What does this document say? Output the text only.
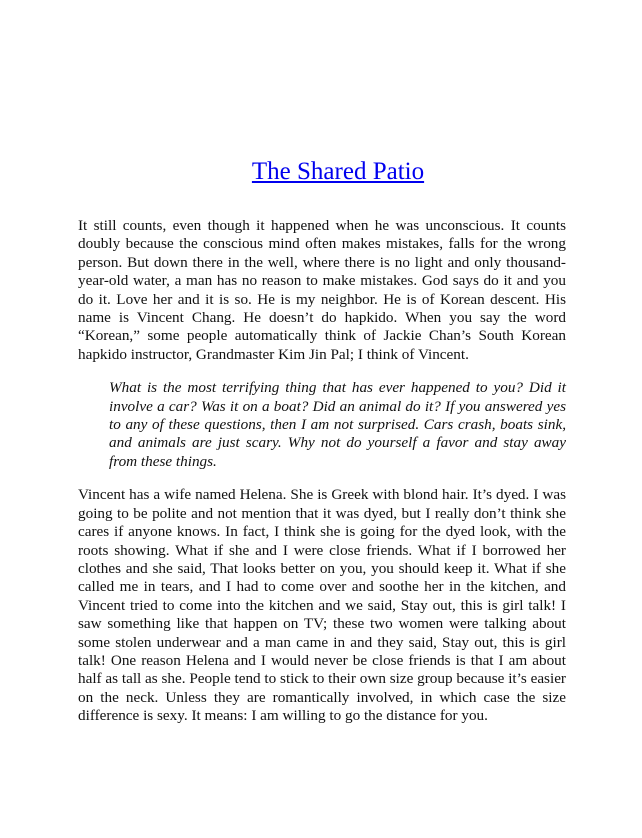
The Shared Patio

It still counts, even though it happened when he was unconscious. It counts doubly because the conscious mind often makes mistakes, falls for the wrong person. But down there in the well, where there is no light and only thousand-year-old water, a man has no reason to make mistakes. God says do it and you do it. Love her and it is so. He is my neighbor. He is of Korean descent. His name is Vincent Chang. He doesn’t do hapkido. When you say the word “Korean,” some people automatically think of Jackie Chan’s South Korean hapkido instructor, Grandmaster Kim Jin Pal; I think of Vincent.

What is the most terrifying thing that has ever happened to you? Did it involve a car? Was it on a boat? Did an animal do it? If you answered yes to any of these questions, then I am not surprised. Cars crash, boats sink, and animals are just scary. Why not do yourself a favor and stay away from these things.

Vincent has a wife named Helena. She is Greek with blond hair. It’s dyed. I was going to be polite and not mention that it was dyed, but I really don’t think she cares if anyone knows. In fact, I think she is going for the dyed look, with the roots showing. What if she and I were close friends. What if I borrowed her clothes and she said, That looks better on you, you should keep it. What if she called me in tears, and I had to come over and soothe her in the kitchen, and Vincent tried to come into the kitchen and we said, Stay out, this is girl talk! I saw something like that happen on TV; these two women were talking about some stolen underwear and a man came in and they said, Stay out, this is girl talk! One reason Helena and I would never be close friends is that I am about half as tall as she. People tend to stick to their own size group because it’s easier on the neck. Unless they are romantically involved, in which case the size difference is sexy. It means: I am willing to go the distance for you.
